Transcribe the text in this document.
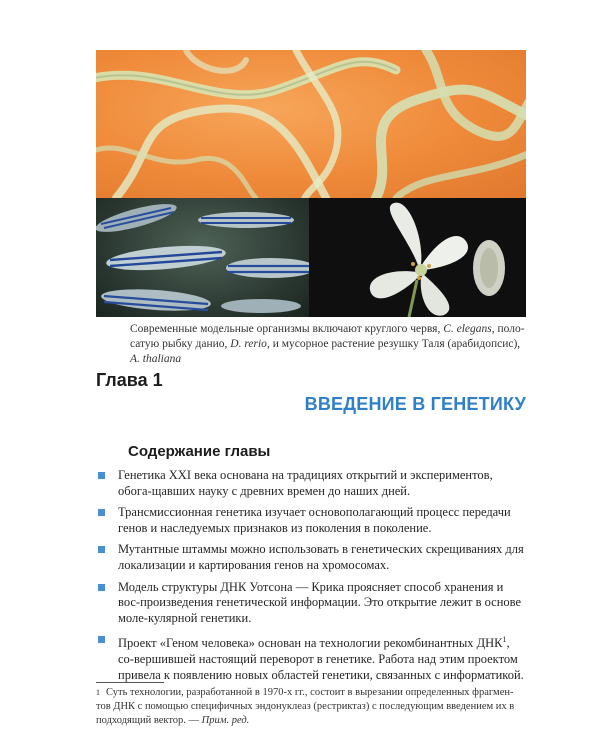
Современные модельные организмы включают круглого червя, C. elegans, поло-сатую рыбку данио, D. rerio, и мусорное растение резушку Таля (арабидопсис), A. thaliana
Глава 1
ВВЕДЕНИЕ В ГЕНЕТИКУ
Содержание главы
Генетика XXI века основана на традициях открытий и экспериментов, обога-щавших науку с древних времен до наших дней.
Трансмиссионная генетика изучает основополагающий процесс передачи генов и наследуемых признаков из поколения в поколение.
Мутантные штаммы можно использовать в генетических скрещиваниях для локализации и картирования генов на хромосомах.
Модель структуры ДНК Уотсона — Крика проясняет способ хранения и вос-произведения генетической информации. Это открытие лежит в основе моле-кулярной генетики.
Проект «Геном человека» основан на технологии рекомбинантных ДНК$^1$, со-вершившей настоящий переворот в генетике. Работа над этим проектом привела к появлению новых областей генетики, связанных с информатикой.
$^1$ Суть технологии, разработанной в 1970-х гг., состоит в вырезании определенных фрагмен-тов ДНК с помощью специфичных эндонуклеаз (рестриктаз) с последующим введением их в подходящий вектор. — Прим. ред.
